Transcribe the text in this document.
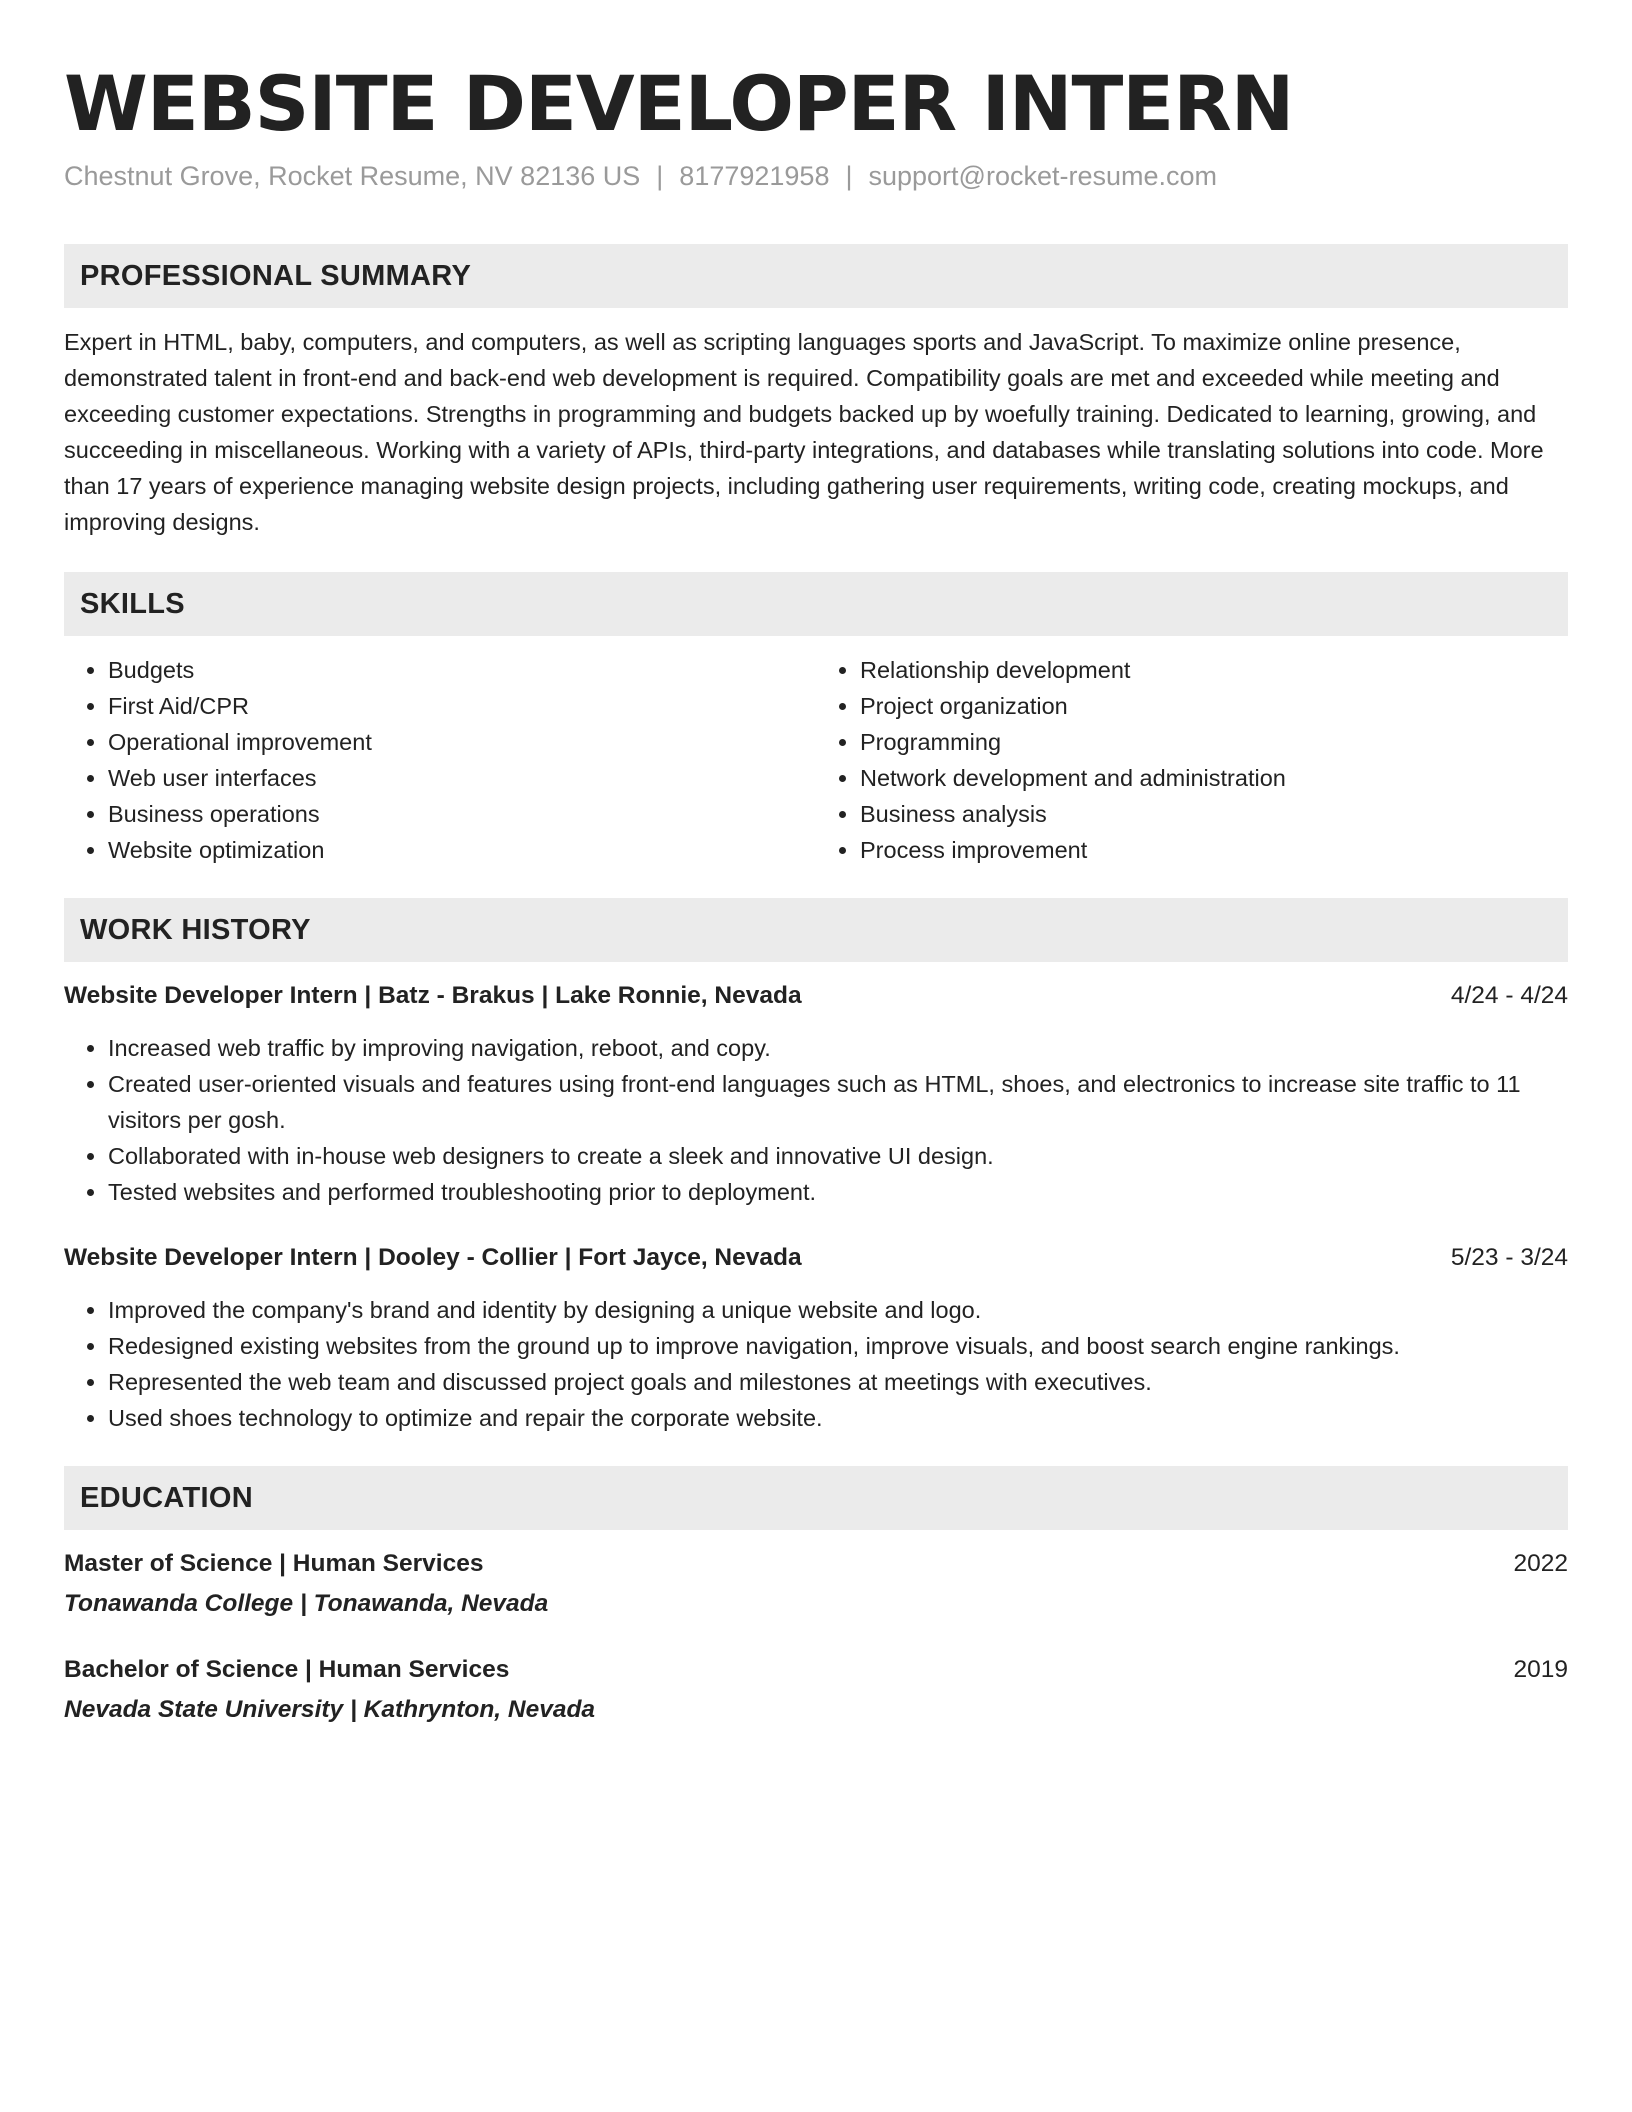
WEBSITE DEVELOPER INTERN
Chestnut Grove, Rocket Resume, NV 82136 US | 8177921958 | support@rocket-resume.com
PROFESSIONAL SUMMARY
Expert in HTML, baby, computers, and computers, as well as scripting languages sports and JavaScript. To maximize online presence, demonstrated talent in front-end and back-end web development is required. Compatibility goals are met and exceeded while meeting and exceeding customer expectations. Strengths in programming and budgets backed up by woefully training. Dedicated to learning, growing, and succeeding in miscellaneous. Working with a variety of APIs, third-party integrations, and databases while translating solutions into code. More than 17 years of experience managing website design projects, including gathering user requirements, writing code, creating mockups, and improving designs.
SKILLS
• Budgets
• First Aid/CPR
• Operational improvement
• Web user interfaces
• Business operations
• Website optimization
• Relationship development
• Project organization
• Programming
• Network development and administration
• Business analysis
• Process improvement
WORK HISTORY
Website Developer Intern | Batz - Brakus | Lake Ronnie, Nevada	4/24 - 4/24
• Increased web traffic by improving navigation, reboot, and copy.
• Created user-oriented visuals and features using front-end languages such as HTML, shoes, and electronics to increase site traffic to 11 visitors per gosh.
• Collaborated with in-house web designers to create a sleek and innovative UI design.
• Tested websites and performed troubleshooting prior to deployment.
Website Developer Intern | Dooley - Collier | Fort Jayce, Nevada	5/23 - 3/24
• Improved the company's brand and identity by designing a unique website and logo.
• Redesigned existing websites from the ground up to improve navigation, improve visuals, and boost search engine rankings.
• Represented the web team and discussed project goals and milestones at meetings with executives.
• Used shoes technology to optimize and repair the corporate website.
EDUCATION
Master of Science | Human Services	2022
Tonawanda College | Tonawanda, Nevada
Bachelor of Science | Human Services	2019
Nevada State University | Kathrynton, Nevada
